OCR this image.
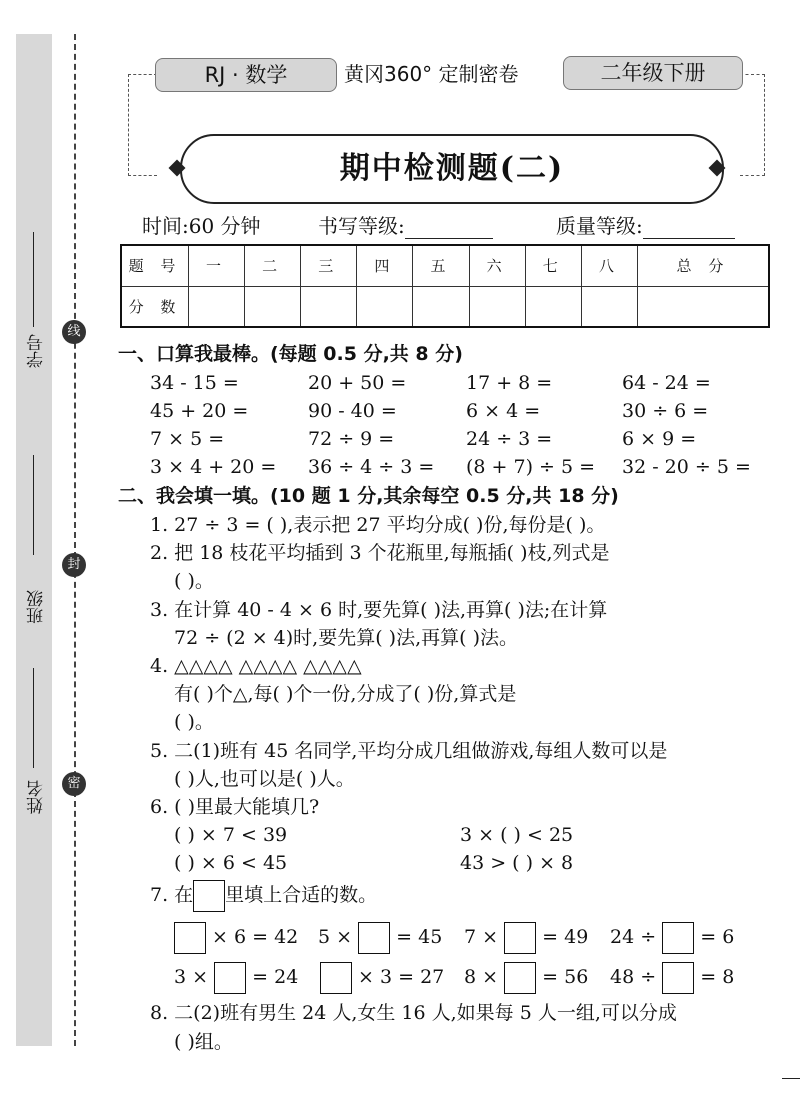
学号
班级
姓名
线
封
密
RJ · 数学	黄冈360° 定制密卷	二年级下册
期中检测题(二)
时间:60 分钟	书写等级:	质量等级:
题 号	一	二	三	四	五	六	七	八	总 分
分 数									
一、口算我最棒。(每题 0.5 分,共 8 分)
34 - 15 =	20 + 50 =	17 + 8 =	64 - 24 =
45 + 20 =	90 - 40 =	6 × 4 =	30 ÷ 6 =
7 × 5 =	72 ÷ 9 =	24 ÷ 3 =	6 × 9 =
3 × 4 + 20 = 36 ÷ 4 ÷ 3 = (8 + 7) ÷ 5 = 32 - 20 ÷ 5 =
二、我会填一填。(10 题 1 分,其余每空 0.5 分,共 18 分)
1. 27 ÷ 3 = ( ),表示把 27 平均分成( )份,每份是( )。
2. 把 18 枝花平均插到 3 个花瓶里,每瓶插( )枝,列式是
( )。
3. 在计算 40 - 4 × 6 时,要先算( )法,再算( )法;在计算
72 ÷ (2 × 4)时,要先算( )法,再算( )法。
4. △△△△ △△△△ △△△△
有( )个△,每( )个一份,分成了( )份,算式是
( )。
5. 二(1)班有 45 名同学,平均分成几组做游戏,每组人数可以是
( )人,也可以是( )人。
6. ( )里最大能填几?
( ) × 7 < 39	3 × ( ) < 25
( ) × 6 < 45	43 > ( ) × 8
7. 在 里填上合适的数。
× 6 = 42 5 × = 45 7 × = 49 24 ÷ = 6
3 × = 24	× 3 = 27 8 × = 56 48 ÷ = 8
8. 二(2)班有男生 24 人,女生 16 人,如果每 5 人一组,可以分成
( )组。
